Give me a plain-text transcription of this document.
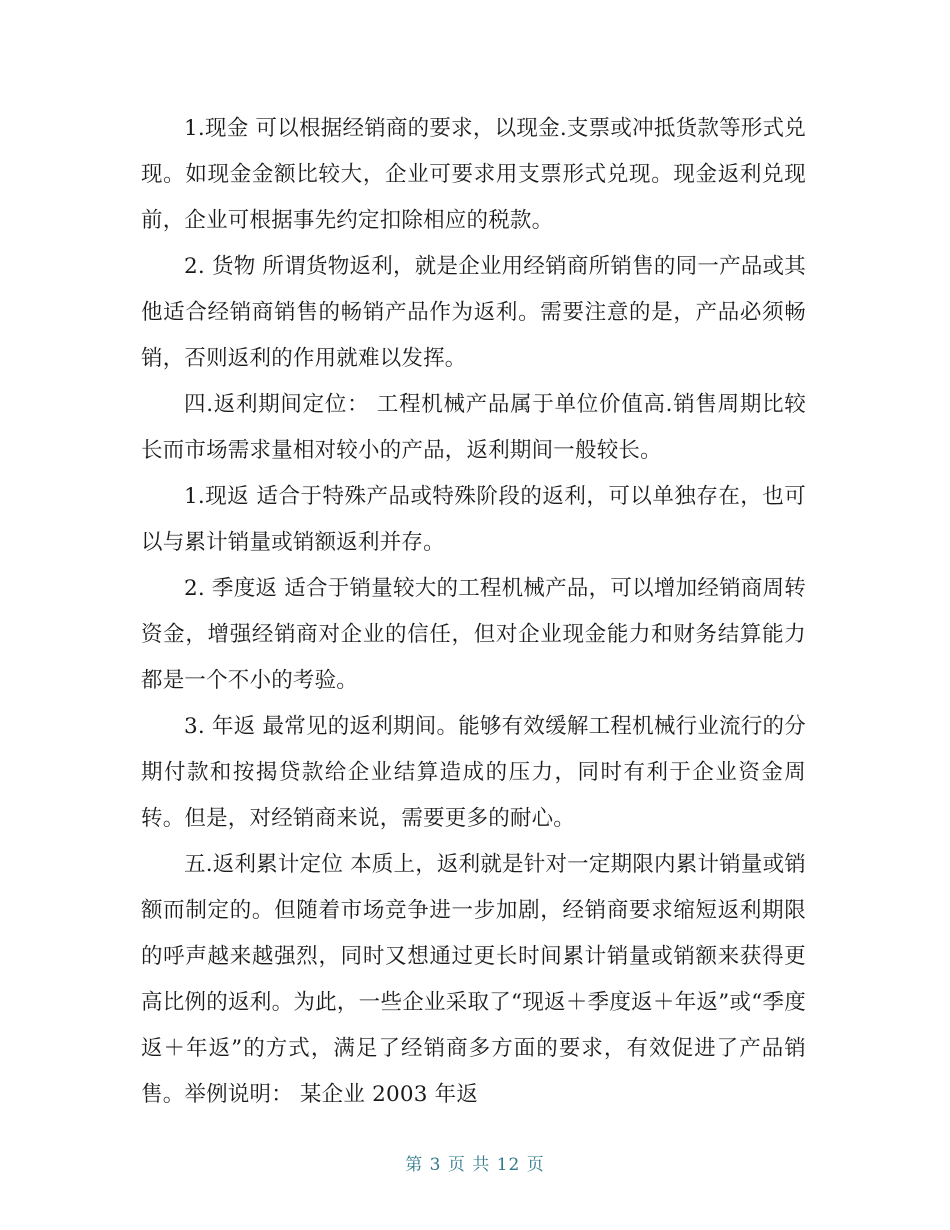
1.现金 可以根据经销商的要求，以现金.支票或冲抵货款等形式兑现。如现金金额比较大，企业可要求用支票形式兑现。现金返利兑现前，企业可根据事先约定扣除相应的税款。

2. 货物 所谓货物返利，就是企业用经销商所销售的同一产品或其他适合经销商销售的畅销产品作为返利。需要注意的是，产品必须畅销，否则返利的作用就难以发挥。

四.返利期间定位： 工程机械产品属于单位价值高.销售周期比较长而市场需求量相对较小的产品，返利期间一般较长。

1.现返 适合于特殊产品或特殊阶段的返利，可以单独存在，也可以与累计销量或销额返利并存。

2. 季度返 适合于销量较大的工程机械产品，可以增加经销商周转资金，增强经销商对企业的信任，但对企业现金能力和财务结算能力都是一个不小的考验。

3. 年返 最常见的返利期间。能够有效缓解工程机械行业流行的分期付款和按揭贷款给企业结算造成的压力，同时有利于企业资金周转。但是，对经销商来说，需要更多的耐心。

五.返利累计定位 本质上，返利就是针对一定期限内累计销量或销额而制定的。但随着市场竞争进一步加剧，经销商要求缩短返利期限的呼声越来越强烈，同时又想通过更长时间累计销量或销额来获得更高比例的返利。为此，一些企业采取了“现返＋季度返＋年返”或“季度返＋年返”的方式，满足了经销商多方面的要求，有效促进了产品销售。举例说明： 某企业 2003 年返

第 3 页 共 12 页
